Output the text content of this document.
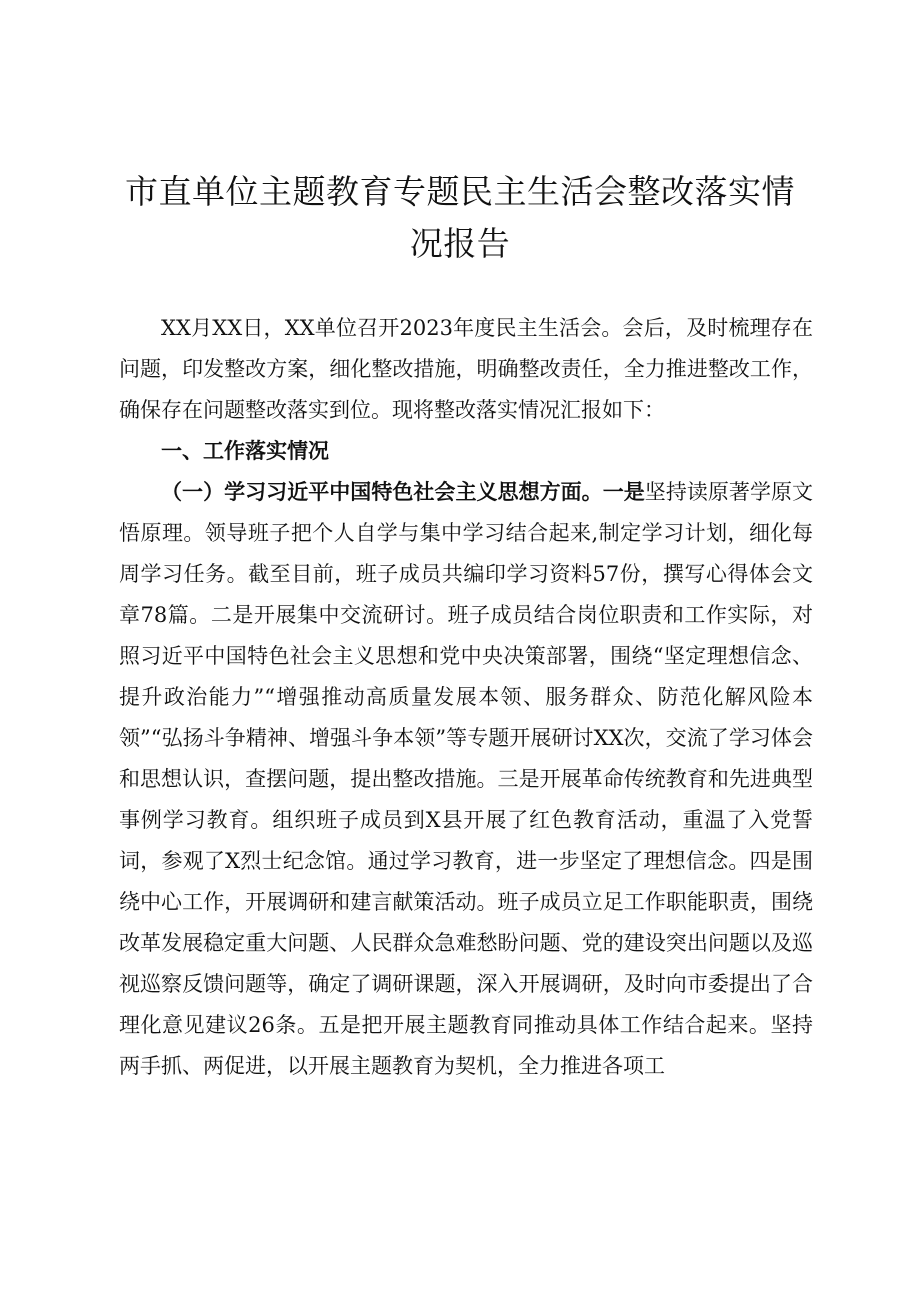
市直单位主题教育专题民主生活会整改落实情
况报告

XX月XX日，XX单位召开2023年度民主生活会。会后，及时梳理存在问题，印发整改方案，细化整改措施，明确整改责任，全力推进整改工作，确保存在问题整改落实到位。现将整改落实情况汇报如下：

一、工作落实情况

（一）学习习近平中国特色社会主义思想方面。一是坚持读原著学原文悟原理。领导班子把个人自学与集中学习结合起来,制定学习计划，细化每周学习任务。截至目前，班子成员共编印学习资料57份，撰写心得体会文章78篇。二是开展集中交流研讨。班子成员结合岗位职责和工作实际，对照习近平中国特色社会主义思想和党中央决策部署，围绕“坚定理想信念、提升政治能力”“增强推动高质量发展本领、服务群众、防范化解风险本领”“弘扬斗争精神、增强斗争本领”等专题开展研讨XX次，交流了学习体会和思想认识，查摆问题，提出整改措施。三是开展革命传统教育和先进典型事例学习教育。组织班子成员到X县开展了红色教育活动，重温了入党誓词，参观了X烈士纪念馆。通过学习教育，进一步坚定了理想信念。四是围绕中心工作，开展调研和建言献策活动。班子成员立足工作职能职责，围绕改革发展稳定重大问题、人民群众急难愁盼问题、党的建设突出问题以及巡视巡察反馈问题等，确定了调研课题，深入开展调研，及时向市委提出了合理化意见建议26条。五是把开展主题教育同推动具体工作结合起来。坚持两手抓、两促进，以开展主题教育为契机，全力推进各项工
